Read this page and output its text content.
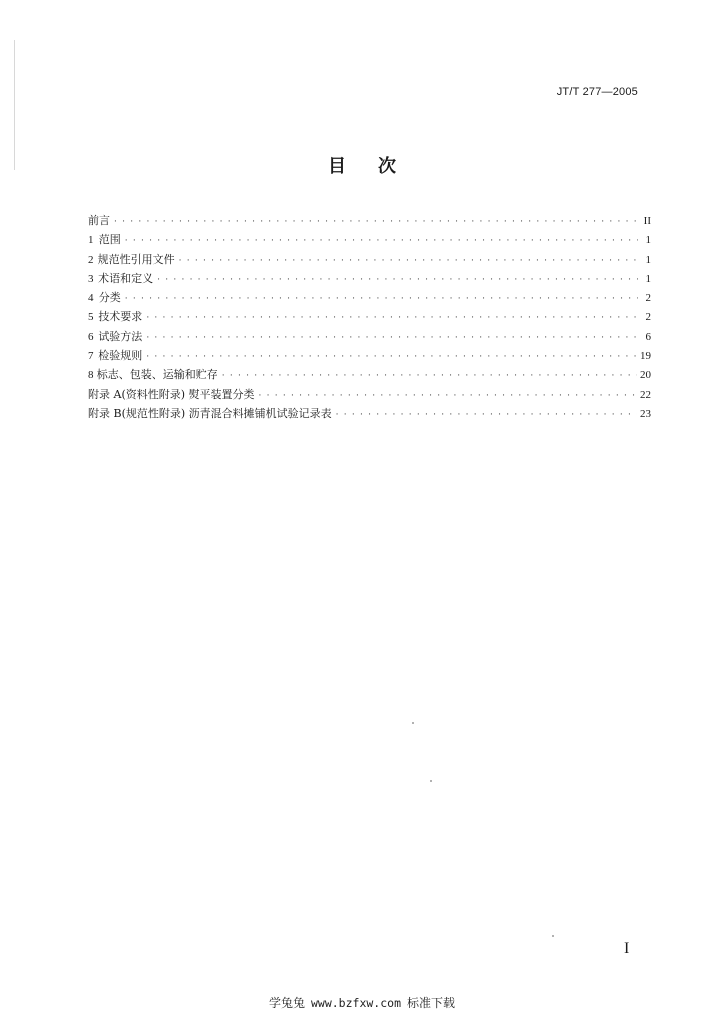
JT/T 277—2005
目次
前言 · · ·	II
1 范围 · · ·	1
2 规范性引用文件 · · ·	1
3 术语和定义 · · ·	1
4 分类 · · ·	2
5 技术要求 · · ·	2
6 试验方法 · · ·	6
7 检验规则 · · ·	19
8 标志、包装、运输和贮存 · · ·	20
附录 A(资料性附录) 熨平装置分类 · · ·	22
附录 B(规范性附录) 沥青混合料摊铺机试验记录表 · · ·	23
I
学兔兔 www.bzfxw.com 标准下载
